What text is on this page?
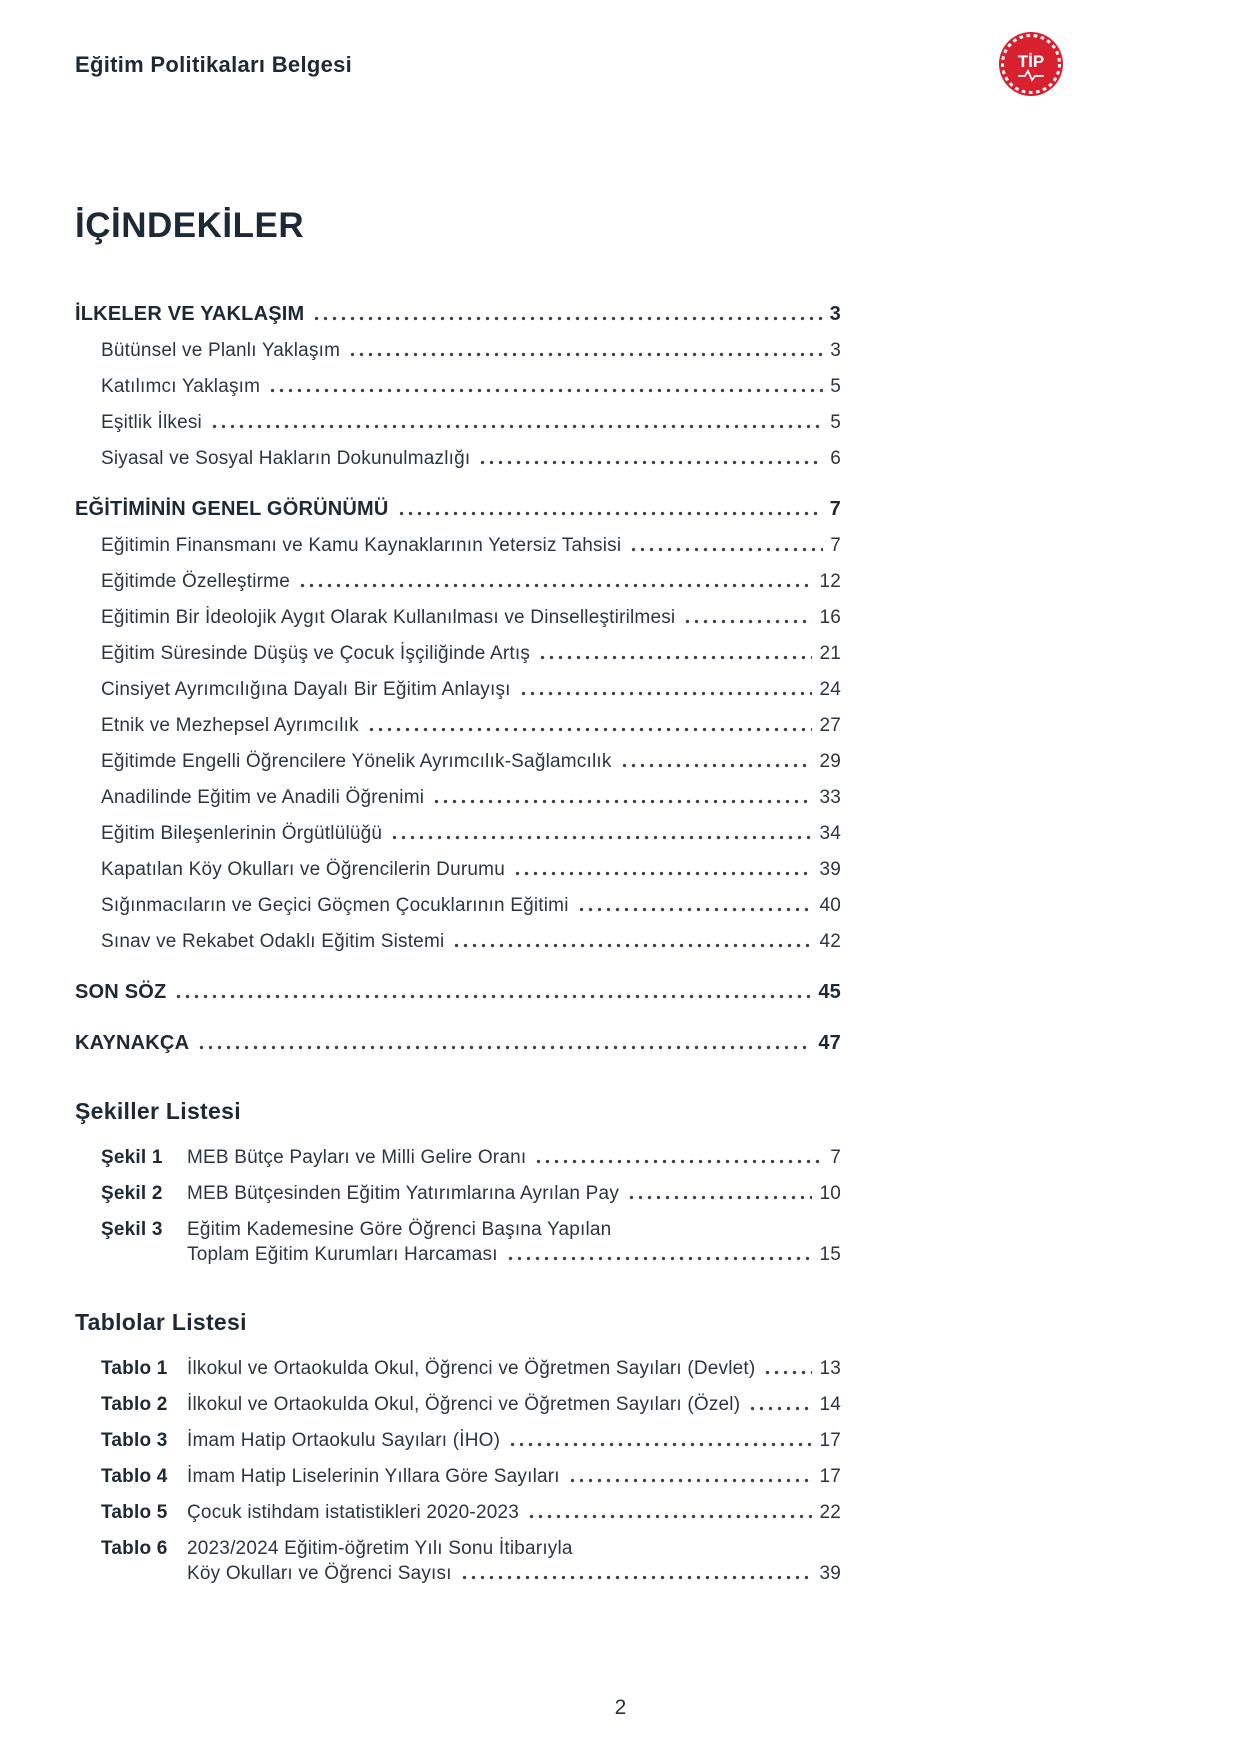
Eğitim Politikaları Belgesi	TİP
İÇİNDEKİLER
İLKELER VE YAKLAŞIM	3
Bütünsel ve Planlı Yaklaşım	3
Katılımcı Yaklaşım	5
Eşitlik İlkesi	5
Siyasal ve Sosyal Hakların Dokunulmazlığı	6
EĞİTİMİNİN GENEL GÖRÜNÜMÜ	7
Eğitimin Finansmanı ve Kamu Kaynaklarının Yetersiz Tahsisi	7
Eğitimde Özelleştirme	12
Eğitimin Bir İdeolojik Aygıt Olarak Kullanılması ve Dinselleştirilmesi	16
Eğitim Süresinde Düşüş ve Çocuk İşçiliğinde Artış	21
Cinsiyet Ayrımcılığına Dayalı Bir Eğitim Anlayışı	24
Etnik ve Mezhepsel Ayrımcılık	27
Eğitimde Engelli Öğrencilere Yönelik Ayrımcılık-Sağlamcılık	29
Anadilinde Eğitim ve Anadili Öğrenimi	33
Eğitim Bileşenlerinin Örgütlülüğü	34
Kapatılan Köy Okulları ve Öğrencilerin Durumu	39
Sığınmacıların ve Geçici Göçmen Çocuklarının Eğitimi	40
Sınav ve Rekabet Odaklı Eğitim Sistemi	42
SON SÖZ	45
KAYNAKÇA	47
Şekiller Listesi
Şekil 1	MEB Bütçe Payları ve Milli Gelire Oranı	7
Şekil 2	MEB Bütçesinden Eğitim Yatırımlarına Ayrılan Pay	10
Şekil 3	Eğitim Kademesine Göre Öğrenci Başına Yapılan
Toplam Eğitim Kurumları Harcaması	15
Tablolar Listesi
Tablo 1	İlkokul ve Ortaokulda Okul, Öğrenci ve Öğretmen Sayıları (Devlet)	13
Tablo 2	İlkokul ve Ortaokulda Okul, Öğrenci ve Öğretmen Sayıları (Özel)	14
Tablo 3	İmam Hatip Ortaokulu Sayıları (İHO)	17
Tablo 4	İmam Hatip Liselerinin Yıllara Göre Sayıları	17
Tablo 5	Çocuk istihdam istatistikleri 2020-2023	22
Tablo 6	2023/2024 Eğitim-öğretim Yılı Sonu İtibarıyla
Köy Okulları ve Öğrenci Sayısı	39
2
